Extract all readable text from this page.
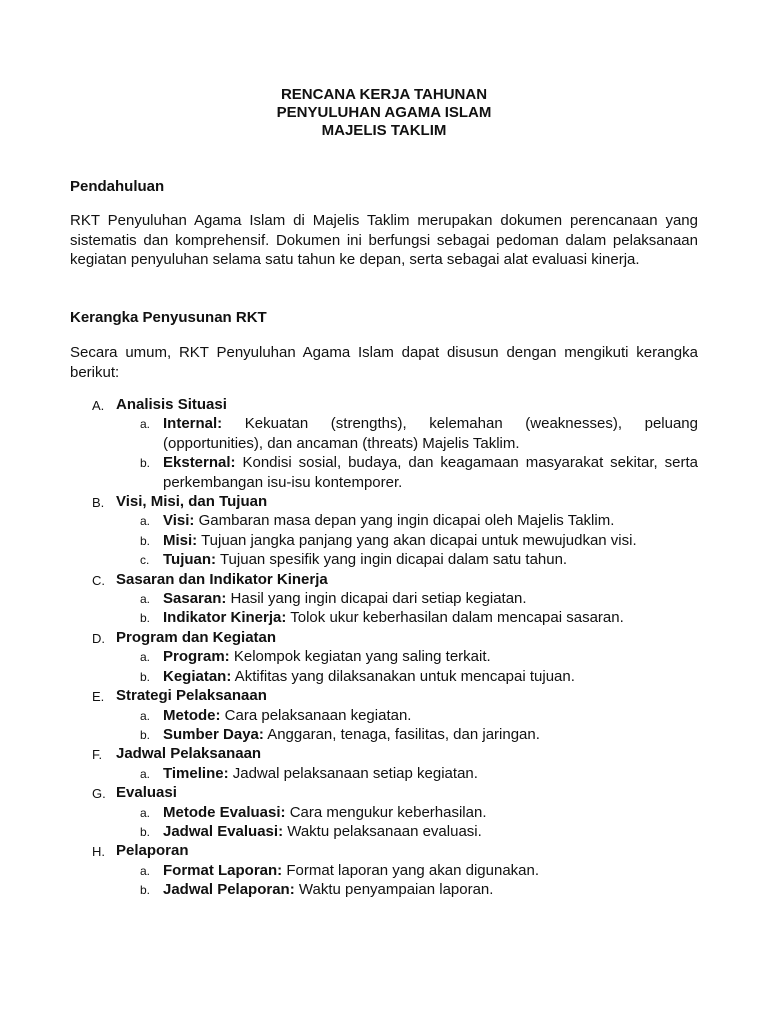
RENCANA KERJA TAHUNAN
PENYULUHAN AGAMA ISLAM
MAJELIS TAKLIM
Pendahuluan
RKT Penyuluhan Agama Islam di Majelis Taklim merupakan dokumen perencanaan yang sistematis dan komprehensif. Dokumen ini berfungsi sebagai pedoman dalam pelaksanaan kegiatan penyuluhan selama satu tahun ke depan, serta sebagai alat evaluasi kinerja.
Kerangka Penyusunan RKT
Secara umum, RKT Penyuluhan Agama Islam dapat disusun dengan mengikuti kerangka berikut:
A. Analisis Situasi
a. Internal: Kekuatan (strengths), kelemahan (weaknesses), peluang (opportunities), dan ancaman (threats) Majelis Taklim.
b. Eksternal: Kondisi sosial, budaya, dan keagamaan masyarakat sekitar, serta perkembangan isu-isu kontemporer.
B. Visi, Misi, dan Tujuan
a. Visi: Gambaran masa depan yang ingin dicapai oleh Majelis Taklim.
b. Misi: Tujuan jangka panjang yang akan dicapai untuk mewujudkan visi.
c. Tujuan: Tujuan spesifik yang ingin dicapai dalam satu tahun.
C. Sasaran dan Indikator Kinerja
a. Sasaran: Hasil yang ingin dicapai dari setiap kegiatan.
b. Indikator Kinerja: Tolok ukur keberhasilan dalam mencapai sasaran.
D. Program dan Kegiatan
a. Program: Kelompok kegiatan yang saling terkait.
b. Kegiatan: Aktifitas yang dilaksanakan untuk mencapai tujuan.
E. Strategi Pelaksanaan
a. Metode: Cara pelaksanaan kegiatan.
b. Sumber Daya: Anggaran, tenaga, fasilitas, dan jaringan.
F. Jadwal Pelaksanaan
a. Timeline: Jadwal pelaksanaan setiap kegiatan.
G. Evaluasi
a. Metode Evaluasi: Cara mengukur keberhasilan.
b. Jadwal Evaluasi: Waktu pelaksanaan evaluasi.
H. Pelaporan
a. Format Laporan: Format laporan yang akan digunakan.
b. Jadwal Pelaporan: Waktu penyampaian laporan.
